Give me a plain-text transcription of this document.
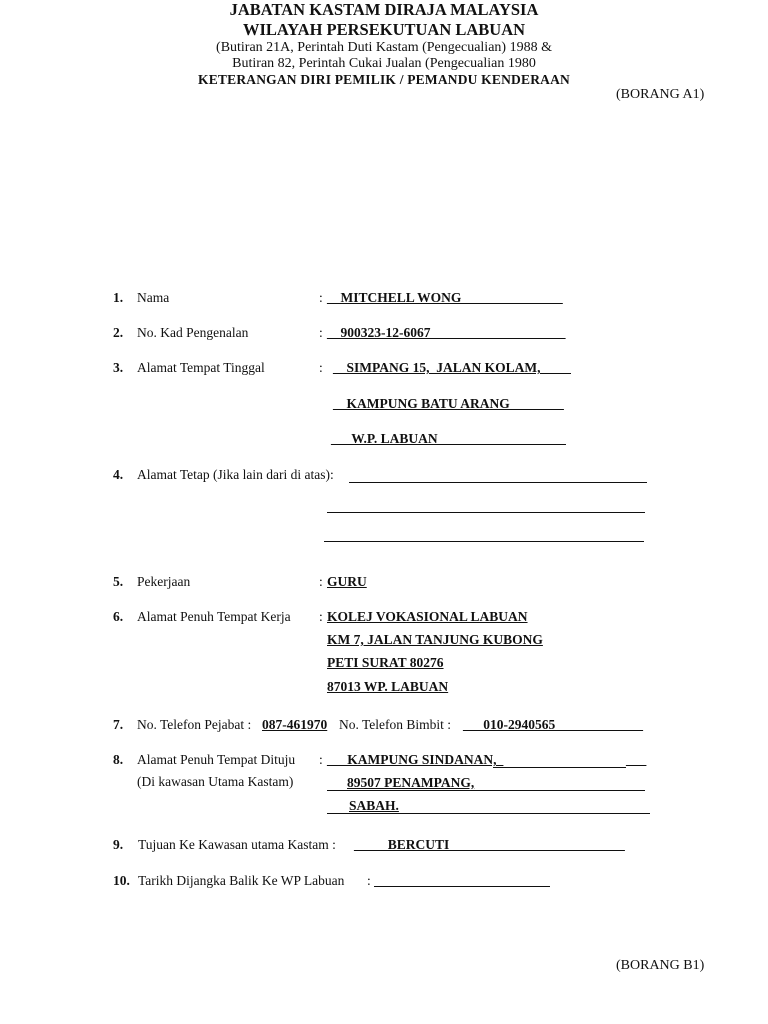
(BORANG A1)
JABATAN KASTAM DIRAJA MALAYSIA
WILAYAH PERSEKUTUAN LABUAN
(Butiran 21A, Perintah Duti Kastam (Pengecualian) 1988 &
Butiran 82, Perintah Cukai Jualan (Pengecualian 1980
KETERANGAN DIRI PEMILIK / PEMANDU KENDERAAN
1. Nama	: __MITCHELL WONG_______________
2. No. Kad Pengenalan	: __900323-12-6067____________________
3. Alamat Tempat Tinggal	: __SIMPANG 15,_JALAN KOLAM,_ ___
__KAMPUNG BATU ARANG________
___W.P. LABUAN___________________
4. Alamat Tetap (Jika lain dari di atas):
5. Pekerjaan	: GURU
6. Alamat Penuh Tempat Kerja : KOLEJ VOKASIONAL LABUAN
KM 7, JALAN TANJUNG KUBONG
PETI SURAT 80276
87013 WP. LABUAN
7. No. Telefon Pejabat : 087-461970 No. Telefon Bimbit : ___010-2940565_____________
8. Alamat Penuh Tempat Dituju
(Di kawasan Utama Kastam)
: ___KAMPUNG SINDANAN,_	___
89507 PENAMPANG,
SABAH.
9. Tujuan Ke Kawasan utama Kastam : _____BERCUTI__________________________
10. Tarikh Dijangka Balik Ke WP Labuan :
(BORANG B1)
